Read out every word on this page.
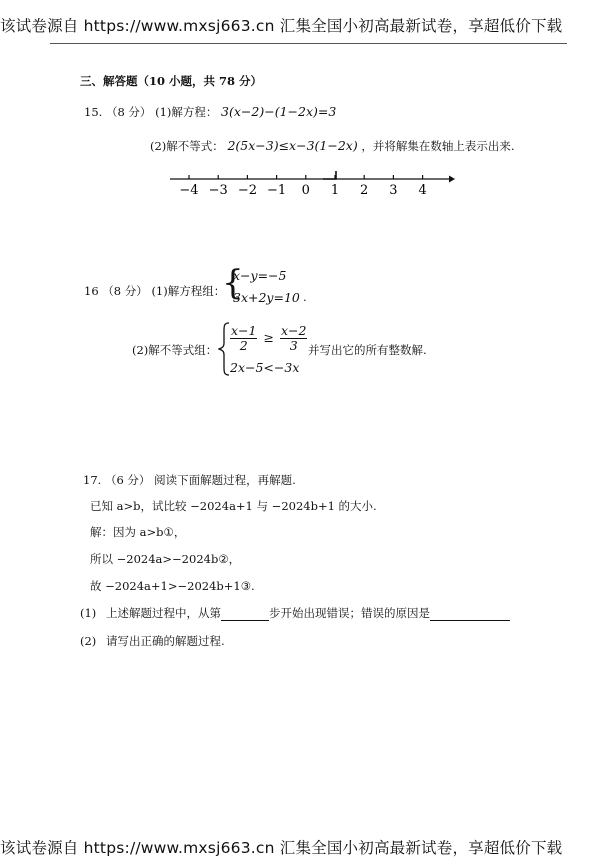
该试卷源自 https://www.mxsj663.cn 汇集全国小初高最新试卷，享超低价下载
三、解答题（10 小题，共 78 分）
15. （8 分） (1)解方程： 3(x−2)−(1−2x)=3
(2)解不等式： 2(5x−3)≤x−3(1−2x) ，并将解集在数轴上表示出来.
−4 −3 −2 −1 0 1 2 3 4
16 （8 分） (1)解方程组：
{
x−y=−5
3x+2y=10 .
(2)解不等式组： $\frac{x-1}{2} \ge \frac{x-2}{3}$
2x−5<−3x
并写出它的所有整数解.
17. （6 分） 阅读下面解题过程，再解题.
已知 a>b，试比较 −2024a+1 与 −2024b+1 的大小.
解：因为 a>b①，
所以 −2024a>−2024b②，
故 −2024a+1>−2024b+1③.
(1) 上述解题过程中，从第	步开始出现错误；错误的原因是
(2) 请写出正确的解题过程.
该试卷源自 https://www.mxsj663.cn 汇集全国小初高最新试卷，享超低价下载
